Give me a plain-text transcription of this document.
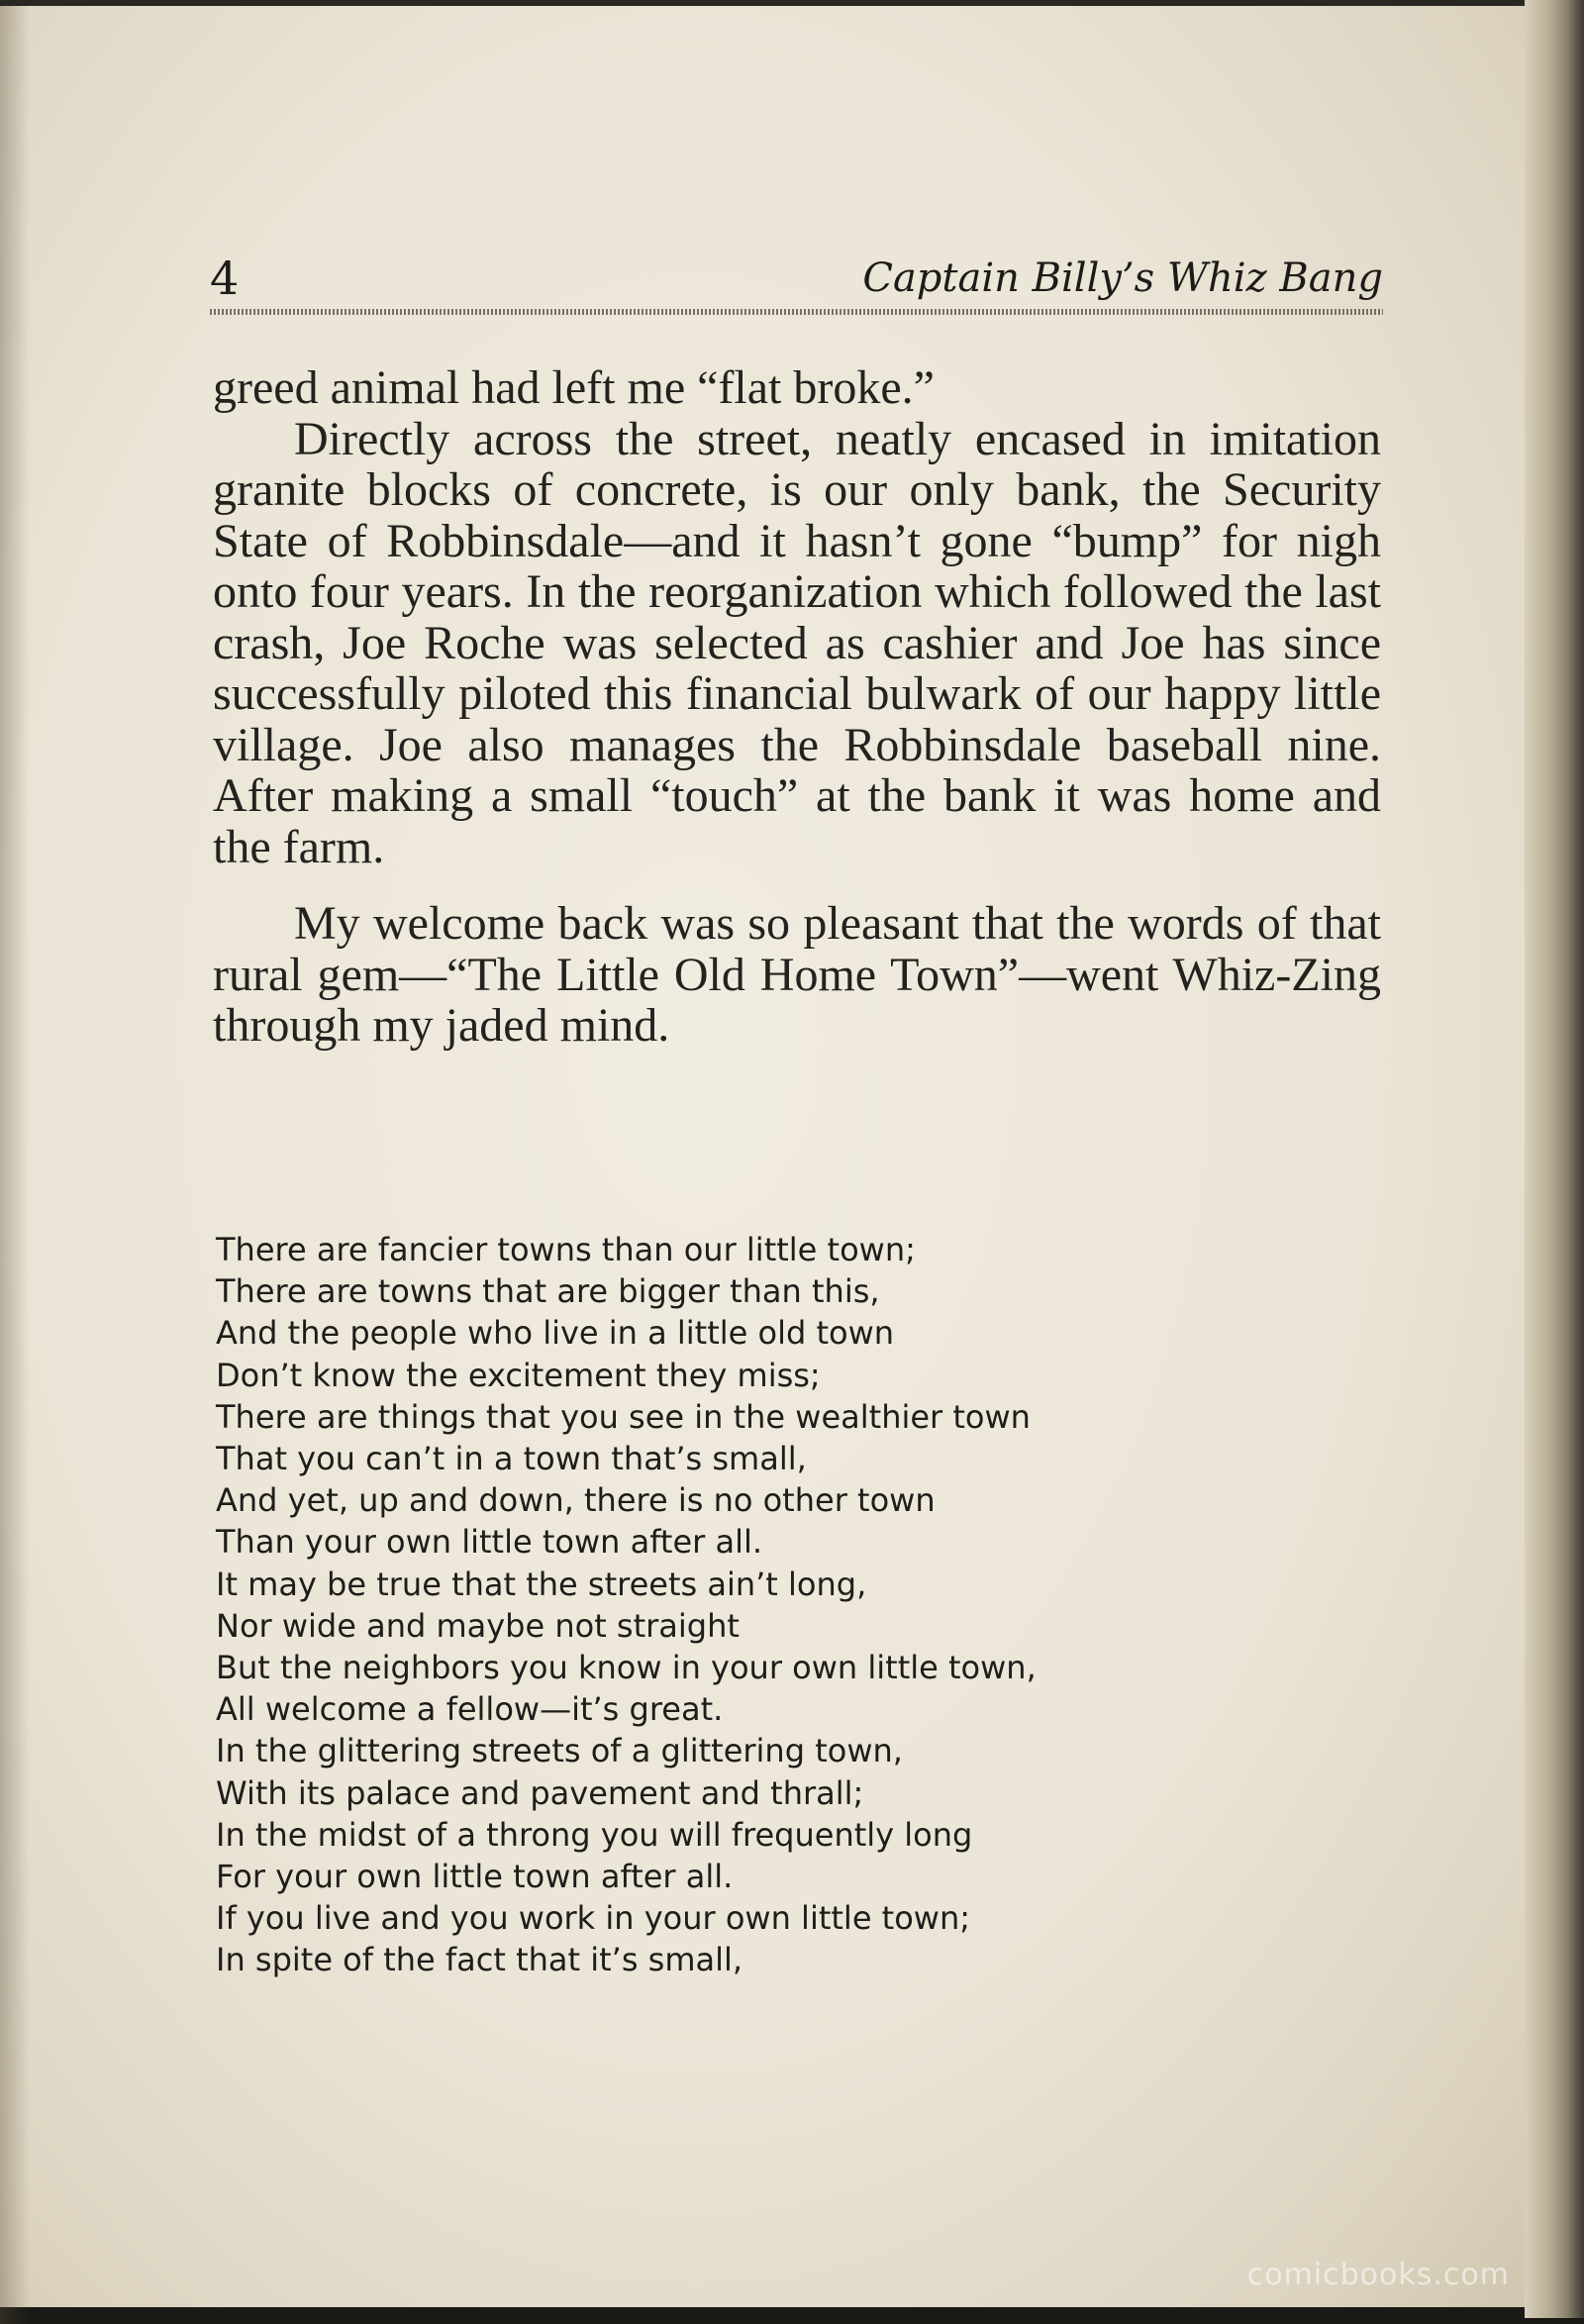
4	Captain Billy’s Whiz Bang

greed animal had left me “flat broke.”

Directly across the street, neatly encased in imitation granite blocks of concrete, is our only bank, the Security State of Robbinsdale—and it hasn’t gone “bump” for nigh onto four years. In the reorganization which followed the last crash, Joe Roche was selected as cashier and Joe has since successfully piloted this financial bulwark of our happy little village. Joe also manages the Robbinsdale baseball nine. After making a small “touch” at the bank it was home and the farm.

My welcome back was so pleasant that the words of that rural gem—“The Little Old Home Town”—went Whiz-Zing through my jaded mind.

There are fancier towns than our little town;
There are towns that are bigger than this,
And the people who live in a little old town
Don’t know the excitement they miss;
There are things that you see in the wealthier town
That you can’t in a town that’s small,
And yet, up and down, there is no other town
Than your own little town after all.
It may be true that the streets ain’t long,
Nor wide and maybe not straight
But the neighbors you know in your own little town,
All welcome a fellow—it’s great.
In the glittering streets of a glittering town,
With its palace and pavement and thrall;
In the midst of a throng you will frequently long
For your own little town after all.
If you live and you work in your own little town;
In spite of the fact that it’s small,
comicbooks.com
